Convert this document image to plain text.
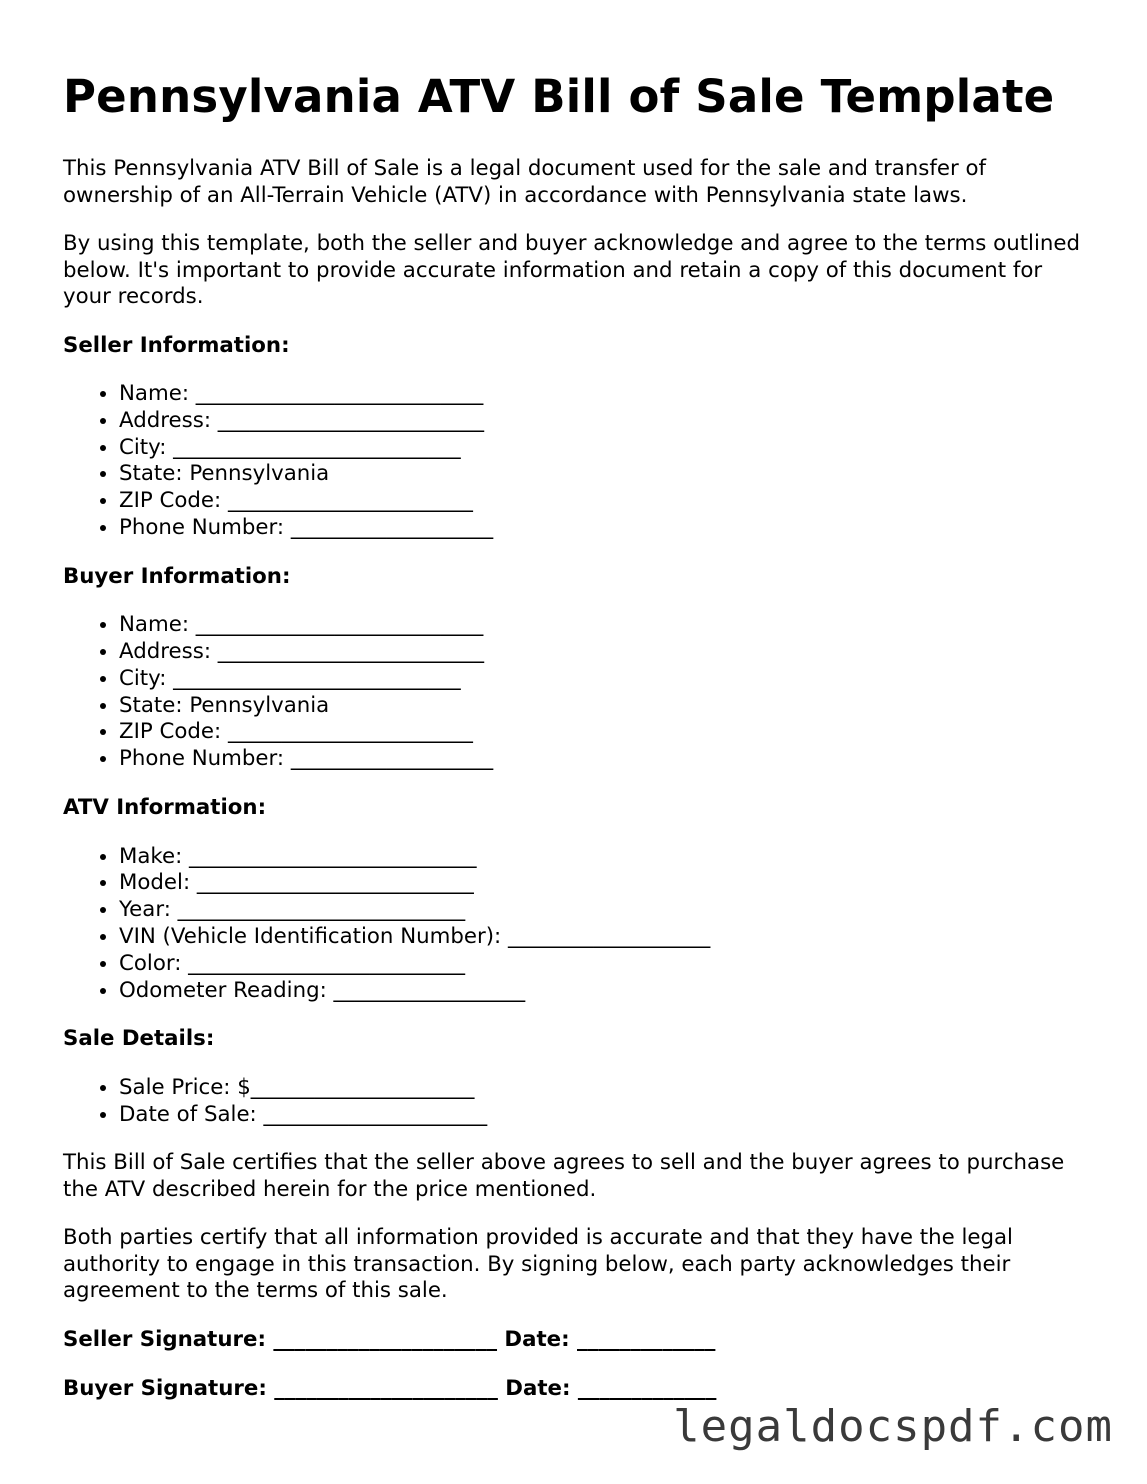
Pennsylvania ATV Bill of Sale Template

This Pennsylvania ATV Bill of Sale is a legal document used for the sale and transfer of ownership of an All-Terrain Vehicle (ATV) in accordance with Pennsylvania state laws.

By using this template, both the seller and buyer acknowledge and agree to the terms outlined below. It's important to provide accurate information and retain a copy of this document for your records.

Seller Information:
• Name: ___________________________
• Address: _________________________
• City: ___________________________
• State: Pennsylvania
• ZIP Code: _______________________
• Phone Number: ___________________
Buyer Information:
• Name: ___________________________
• Address: _________________________
• City: ___________________________
• State: Pennsylvania
• ZIP Code: _______________________
• Phone Number: ___________________
ATV Information:
• Make: ___________________________
• Model: __________________________
• Year: ___________________________
• VIN (Vehicle Identification Number): ___________________
• Color: __________________________
• Odometer Reading: __________________
Sale Details:
• Sale Price: $_____________________
• Date of Sale: _____________________

This Bill of Sale certifies that the seller above agrees to sell and the buyer agrees to purchase the ATV described herein for the price mentioned.

Both parties certify that all information provided is accurate and that they have the legal authority to engage in this transaction. By signing below, each party acknowledges their agreement to the terms of this sale.

Seller Signature: _____________________ Date: _____________
Buyer Signature: _____________________ Date: _____________
legaldocspdf.com
